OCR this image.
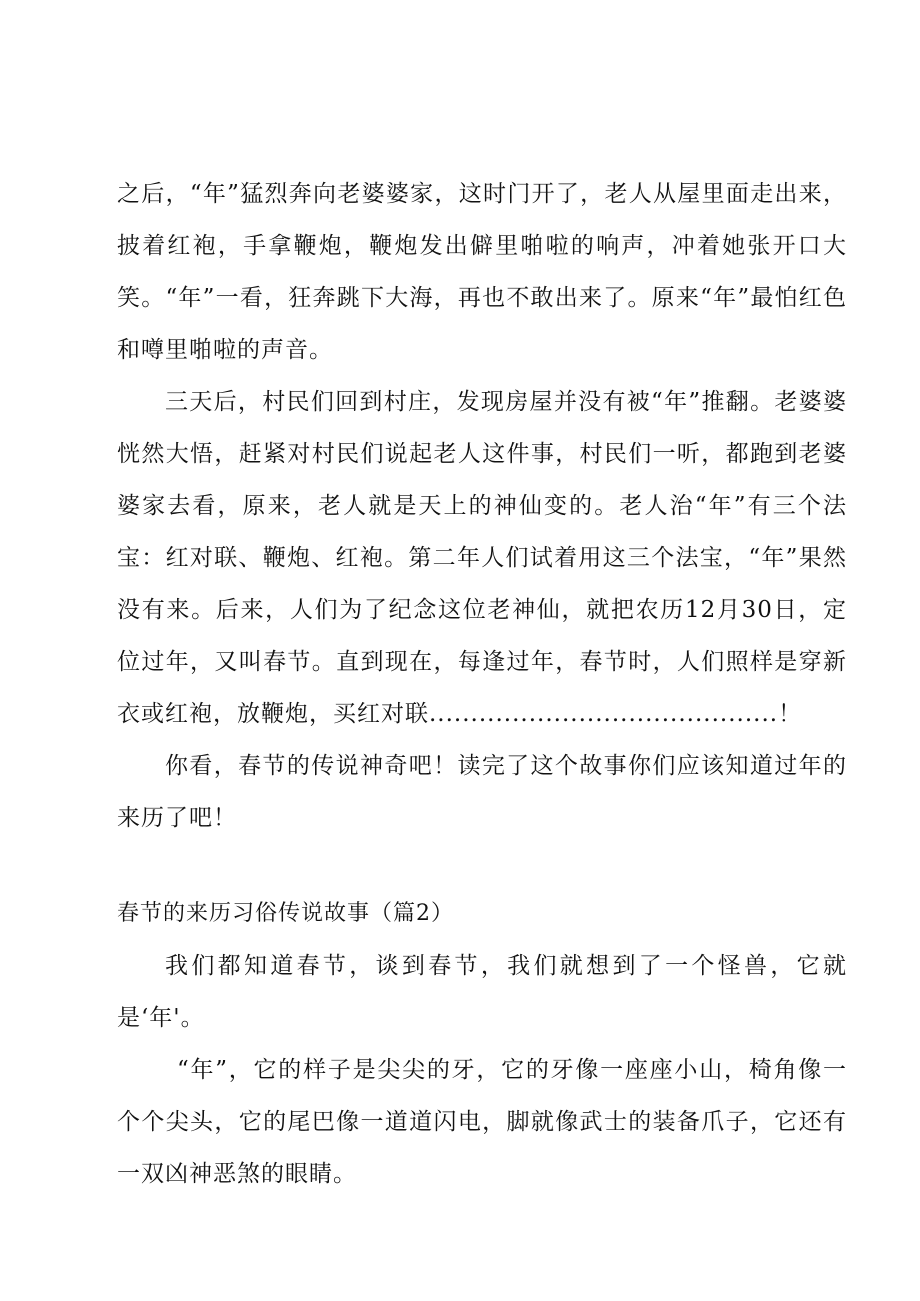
之后，“年”猛烈奔向老婆婆家，这时门开了，老人从屋里面走出来，披着红袍，手拿鞭炮，鞭炮发出僻里啪啦的响声，冲着她张开口大笑。“年”一看，狂奔跳下大海，再也不敢出来了。原来“年”最怕红色和噂里啪啦的声音。

三天后，村民们回到村庄，发现房屋并没有被“年”推翻。老婆婆恍然大悟，赶紧对村民们说起老人这件事，村民们一听，都跑到老婆婆家去看，原来，老人就是天上的神仙变的。老人治“年”有三个法宝：红对联、鞭炮、红袍。第二年人们试着用这三个法宝，“年”果然没有来。后来，人们为了纪念这位老神仙，就把农历12月30日，定位过年，又叫春节。直到现在，每逢过年，春节时，人们照样是穿新衣或红袍，放鞭炮，买红对联..........................................！

你看，春节的传说神奇吧！读完了这个故事你们应该知道过年的来历了吧！

春节的来历习俗传说故事（篇2）

我们都知道春节，谈到春节，我们就想到了一个怪兽，它就是‘年'。

“年”，它的样子是尖尖的牙，它的牙像一座座小山，椅角像一个个尖头，它的尾巴像一道道闪电，脚就像武士的装备爪子，它还有一双凶神恶煞的眼睛。
